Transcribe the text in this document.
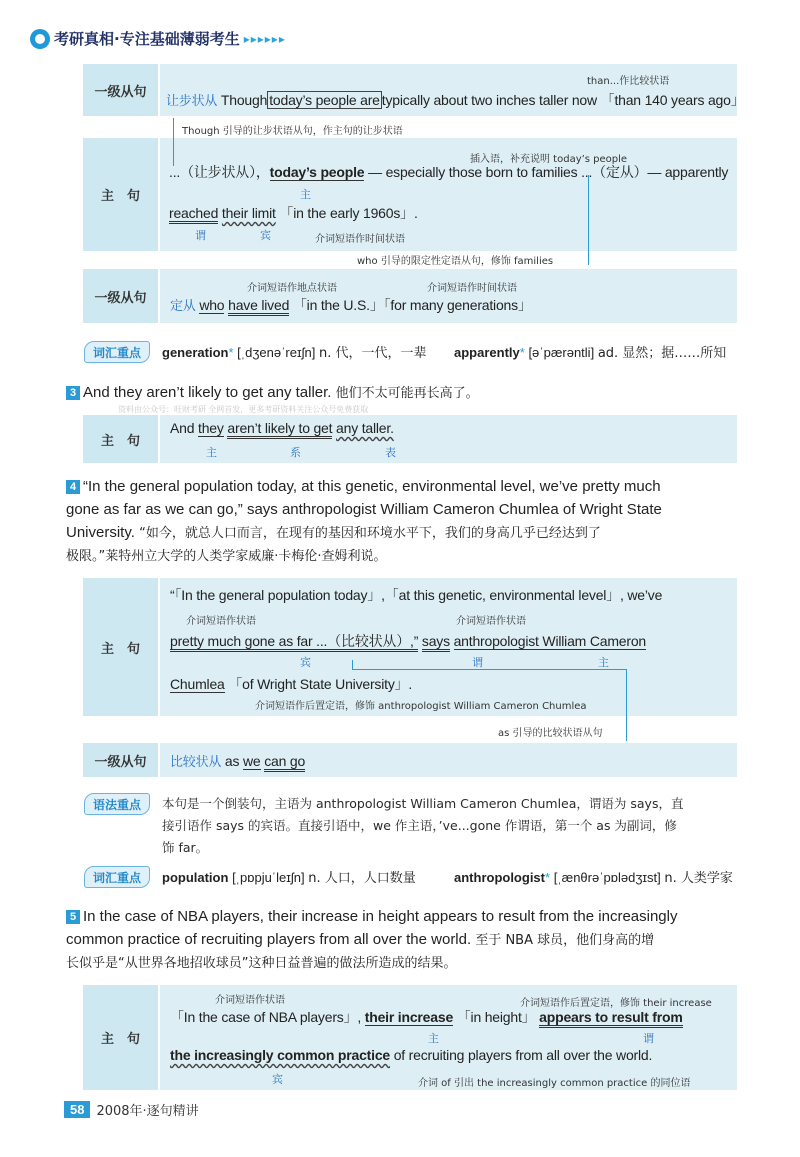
考研真相·专注基础薄弱考生 ▸▸▸▸▸▸
一级从句
than...作比较状语
让步状从 Though today’s people are typically about two inches taller now 「than 140 years ago」
主　句
Though 引导的让步状语从句，作主句的让步状语
插入语，补充说明 today’s people
...（让步状从），today’s people — especially those born to families ...（定从）— apparently
主
reached their limit 「in the early 1960s」.
谓	宾	介词短语作时间状语
who 引导的限定性定语从句，修饰 families
一级从句
介词短语作地点状语	介词短语作时间状语
定从 who have lived 「in the U.S.」「for many generations」
词汇重点	generation* [ˌdʒenəˈreɪʃn] n. 代，一代，一辈 apparently* [əˈpærəntli] ad. 显然；据……所知
3 And they aren’t likely to get any taller. 他们不太可能再长高了。
资料由公众号：旺财考研 全网首发，更多考研资料关注公众号免费获取
主　句
And they aren’t likely to get any taller.
主	系	表
4 “In the general population today, at this genetic, environmental level, we’ve pretty much
gone as far as we can go,” says anthropologist William Cameron Chumlea of Wright State
University. “如今，就总人口而言，在现有的基因和环境水平下，我们的身高几乎已经达到了
极限。”莱特州立大学的人类学家威廉·卡梅伦·查姆利说。
主　句
“「In the general population today」,「at this genetic, environmental level」, we’ve
介词短语作状语	介词短语作状语
pretty much gone as far ...（比较状从）,” says anthropologist William Cameron
宾	谓	主
Chumlea 「of Wright State University」.
介词短语作后置定语，修饰 anthropologist William Cameron Chumlea
as 引导的比较状语从句
一级从句	比较状从 as we can go
语法重点	本句是一个倒装句，主语为 anthropologist William Cameron Chumlea，谓语为 says，直
接引语作 says 的宾语。直接引语中，we 作主语，’ve...gone 作谓语，第一个 as 为副词，修
饰 far。
词汇重点	population [ˌpɒpjuˈleɪʃn] n. 人口，人口数量	anthropologist* [ˌænθrəˈpɒlədʒɪst] n. 人类学家
5 In the case of NBA players, their increase in height appears to result from the increasingly
common practice of recruiting players from all over the world. 至于 NBA 球员，他们身高的增
长似乎是“从世界各地招收球员”这种日益普遍的做法所造成的结果。
主　句
介词短语作状语	介词短语作后置定语，修饰 their increase
「In the case of NBA players」, their increase 「in height」 appears to result from
主	谓
the increasingly common practice of recruiting players from all over the world.
宾	介词 of 引出 the increasingly common practice 的同位语
58 2008年·逐句精讲
